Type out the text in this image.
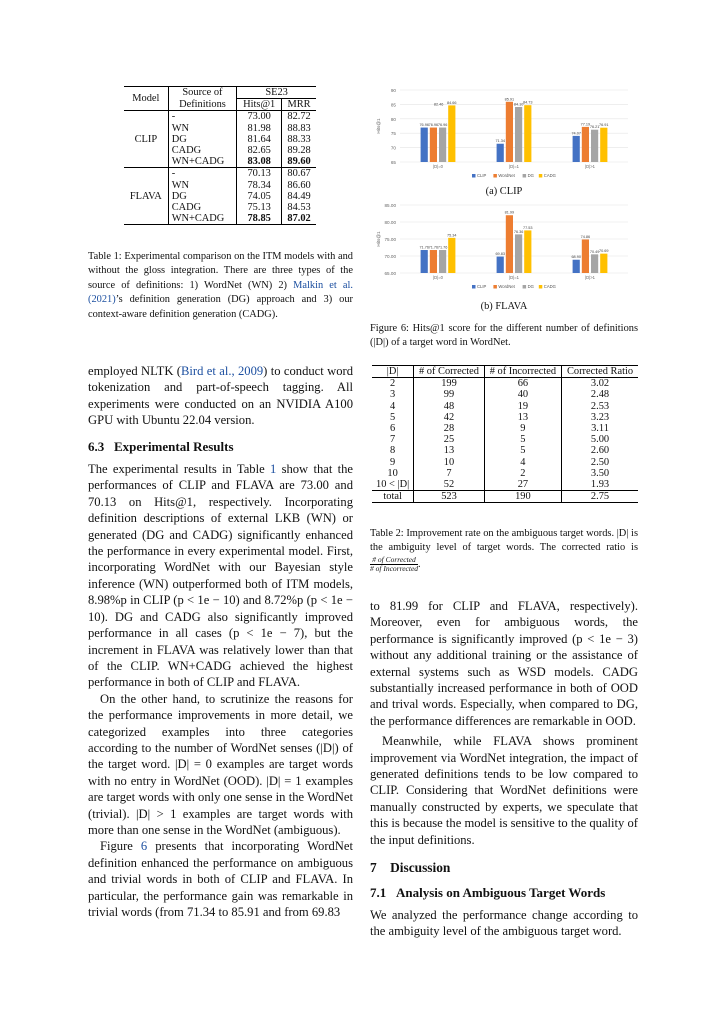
Model	Source of	SE23	
	Definitions	Hits@1	MRR
CLIP	-	73.00	82.72
	WN	81.98	88.83
	DG	81.64	88.33
	CADG	82.65	89.28
	WN+CADG	83.08	89.60
FLAVA	-	70.13	80.67
	WN	78.34	86.60
	DG	74.05	84.49
	CADG	75.13	84.53
	WN+CADG	78.85	87.02
Table 1: Experimental comparison on the ITM models with and without the gloss integration. There are three types of the source of definitions: 1) WordNet (WN) 2) Malkin et al. (2021)’s definition generation (DG) approach and 3) our context-aware definition generation (CADG).

employed NLTK (Bird et al., 2009) to conduct word tokenization and part-of-speech tagging. All experiments were conducted on an NVIDIA A100 GPU with Ubuntu 22.04 version.

6.3 Experimental Results

The experimental results in Table 1 show that the performances of CLIP and FLAVA are 73.00 and 70.13 on Hits@1, respectively. Incorporating definition descriptions of external LKB (WN) or generated (DG and CADG) significantly enhanced the performance in every experimental model. First, incorporating WordNet with our Bayesian style inference (WN) outperformed both of ITM models, 8.98%p in CLIP (p < 1e − 10) and 8.72%p (p < 1e − 10). DG and CADG also significantly improved performance in all cases (p < 1e − 7), but the increment in FLAVA was relatively lower than that of the CLIP. WN+CADG achieved the highest performance in both of CLIP and FLAVA.

On the other hand, to scrutinize the reasons for the performance improvements in more detail, we categorized examples into three categories according to the number of WordNet senses (|D|) of the target word. |D| = 0 examples are target words with no entry in WordNet (OOD). |D| = 1 examples are target words with only one sense in the WordNet (trivial). |D| > 1 examples are target words with more than one sense in the WordNet (ambiguous).

Figure 6 presents that incorporating WordNet definition enhanced the performance on ambiguous and trivial words in both of CLIP and FLAVA. In particular, the performance gain was remarkable in trivial words (from 71.34 to 85.91 and from 69.83

90
85
80
75
70
65
Hits@1	76.96 76.96 76.96
84.66
|D|=0
71.34
85.91
84.10 84.73
|D|=1
74.07
77.19
76.21
76.91
|D|>1
82.46
CLIP	WordNet	DG CADG
(a) CLIP
85.00
80.00
75.00
70.00
65.00
Hits@1
71.76 71.76 71.76
75.34
|D|=0
69.83
81.99
76.36
77.53
|D|=1
68.90
74.86
70.49 70.69
|D|>1
CLIP	WordNet	DG CADG
(b) FLAVA
Figure 6: Hits@1 score for the different number of definitions (|D|) of a target word in WordNet.
|D|	# of Corrected	# of Incorrected	Corrected Ratio
2	199	66	3.02
3	99	40	2.48
4	48	19	2.53
5	42	13	3.23
6	28	9	3.11
7	25	5	5.00
8	13	5	2.60
9	10	4	2.50
10	7	2	3.50
10 < |D|	52	27	1.93
total	523	190	2.75
Table 2: Improvement rate on the ambiguous target words. |D| is the ambiguity level of target words. The corrected ratio is
# of Corrected
# of Incorrected .

to 81.99 for CLIP and FLAVA, respectively). Moreover, even for ambiguous words, the performance is significantly improved (p < 1e − 3) without any additional training or the assistance of external systems such as WSD models. CADG substantially increased performance in both of OOD and trival words. Especially, when compared to DG, the performance differences are remarkable in OOD.

Meanwhile, while FLAVA shows prominent improvement via WordNet integration, the impact of generated definitions tends to be low compared to CLIP. Considering that WordNet definitions were manually constructed by experts, we speculate that this is because the model is sensitive to the quality of the input definitions.

7 Discussion
7.1 Analysis on Ambiguous Target Words

We analyzed the performance change according to the ambiguity level of the ambiguous target word.
